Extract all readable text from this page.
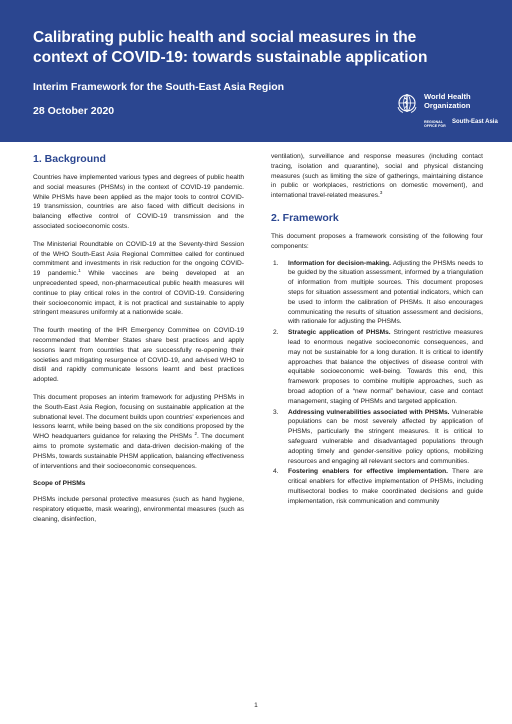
Calibrating public health and social measures in the context of COVID-19: towards sustainable application
Interim Framework for the South-East Asia Region
28 October 2020
World Health Organization
REGIONAL OFFICE FOR
South-East Asia
1. Background

Countries have implemented various types and degrees of public health and social measures (PHSMs) in the context of COVID-19 pandemic. While PHSMs have been applied as the major tools to control COVID-19 transmission, countries are also faced with difficult decisions in balancing effective control of COVID-19 transmission and the associated socioeconomic costs.

The Ministerial Roundtable on COVID-19 at the Seventy-third Session of the WHO South-East Asia Regional Committee called for continued commitment and investments in risk reduction for the ongoing COVID-19 pandemic.$^1$ While vaccines are being developed at an unprecedented speed, non-pharmaceutical public health measures will continue to play critical roles in the control of COVID-19. Considering their socioeconomic impact, it is not practical and sustainable to apply stringent measures uniformly at a nationwide scale.

The fourth meeting of the IHR Emergency Committee on COVID-19 recommended that Member States share best practices and apply lessons learnt from countries that are successfully re-opening their societies and mitigating resurgence of COVID-19, and advised WHO to distil and rapidly communicate lessons learnt and best practices adopted.

This document proposes an interim framework for adjusting PHSMs in the South-East Asia Region, focusing on sustainable application at the subnational level. The document builds upon countries' experiences and lessons learnt, while being based on the six conditions proposed by the WHO headquarters guidance for relaxing the PHSMs $^2$. The document aims to promote systematic and data-driven decision-making of the PHSMs, towards sustainable PHSM application, balancing effectiveness of interventions and their socioeconomic consequences.

Scope of PHSMs

PHSMs include personal protective measures (such as hand hygiene, respiratory etiquette, mask wearing), environmental measures (such as cleaning, disinfection,

ventilation), surveillance and response measures (including contact tracing, isolation and quarantine), social and physical distancing measures (such as limiting the size of gatherings, maintaining distance in public or workplaces, restrictions on domestic movement), and international travel-related measures.$^3$

2. Framework

This document proposes a framework consisting of the following four components:

1. Information for decision-making. Adjusting the PHSMs needs to be guided by the situation assessment, informed by a triangulation of information from multiple sources. This document proposes steps for situation assessment and potential indicators, which can be used to inform the calibration of PHSMs. It also encourages communicating the results of situation assessment and decisions, with rationale for adjusting the PHSMs.
2. Strategic application of PHSMs. Stringent restrictive measures lead to enormous negative socioeconomic consequences, and may not be sustainable for a long duration. It is critical to identify approaches that balance the objectives of disease control with equitable socioeconomic well-being. Towards this end, this framework proposes to combine multiple approaches, such as broad adoption of a “new normal” behaviour, case and contact management, staging of PHSMs and targeted application.
3. Addressing vulnerabilities associated with PHSMs. Vulnerable populations can be most severely affected by application of PHSMs, particularly the stringent measures. It is critical to safeguard vulnerable and disadvantaged populations through adopting timely and gender-sensitive policy options, mobilizing resources and engaging all relevant sectors and communities.
4. Fostering enablers for effective implementation. There are critical enablers for effective implementation of PHSMs, including multisectoral bodies to make coordinated decisions and guide implementation, risk communication and community
1
